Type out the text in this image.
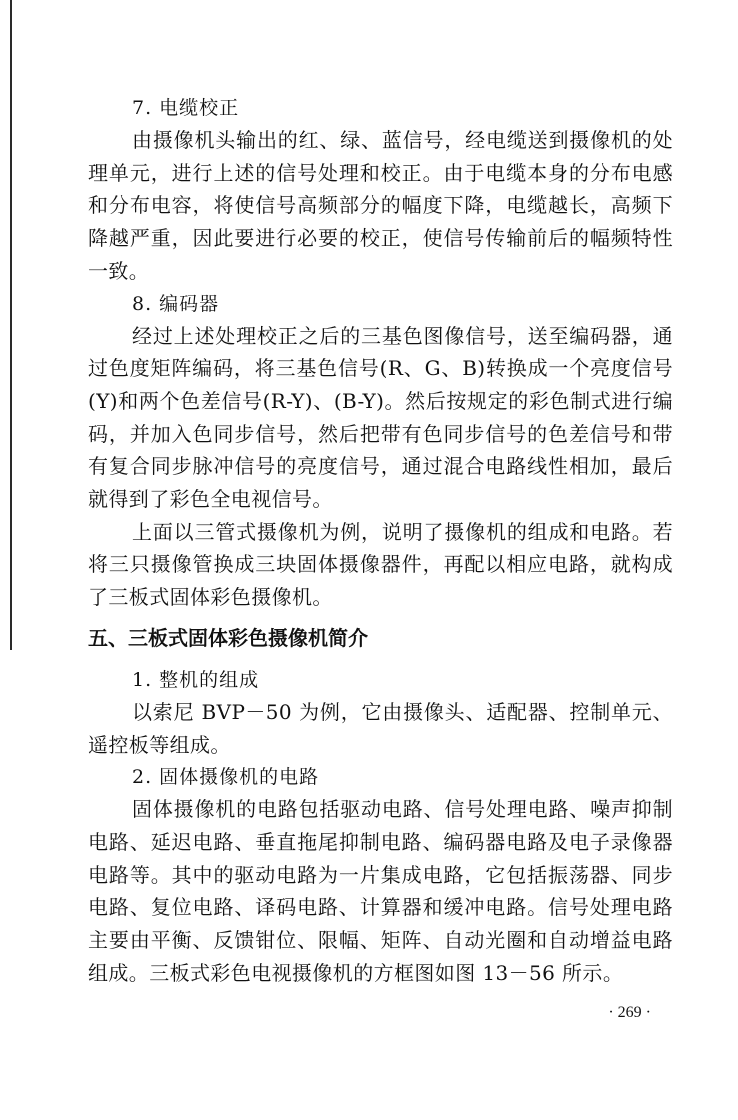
7. 电缆校正
由摄像机头输出的红、绿、蓝信号，经电缆送到摄像机的处理单元，进行上述的信号处理和校正。由于电缆本身的分布电感和分布电容，将使信号高频部分的幅度下降，电缆越长，高频下降越严重，因此要进行必要的校正，使信号传输前后的幅频特性一致。
8. 编码器
经过上述处理校正之后的三基色图像信号，送至编码器，通过色度矩阵编码，将三基色信号(R、G、B)转换成一个亮度信号(Y)和两个色差信号(R-Y)、(B-Y)。然后按规定的彩色制式进行编码，并加入色同步信号，然后把带有色同步信号的色差信号和带有复合同步脉冲信号的亮度信号，通过混合电路线性相加，最后就得到了彩色全电视信号。
上面以三管式摄像机为例，说明了摄像机的组成和电路。若将三只摄像管换成三块固体摄像器件，再配以相应电路，就构成了三板式固体彩色摄像机。
五、三板式固体彩色摄像机简介
1. 整机的组成
以索尼 BVP－50 为例，它由摄像头、适配器、控制单元、遥控板等组成。
2. 固体摄像机的电路
固体摄像机的电路包括驱动电路、信号处理电路、噪声抑制电路、延迟电路、垂直拖尾抑制电路、编码器电路及电子录像器电路等。其中的驱动电路为一片集成电路，它包括振荡器、同步电路、复位电路、译码电路、计算器和缓冲电路。信号处理电路主要由平衡、反馈钳位、限幅、矩阵、自动光圈和自动增益电路组成。三板式彩色电视摄像机的方框图如图 13－56 所示。
· 269 ·
